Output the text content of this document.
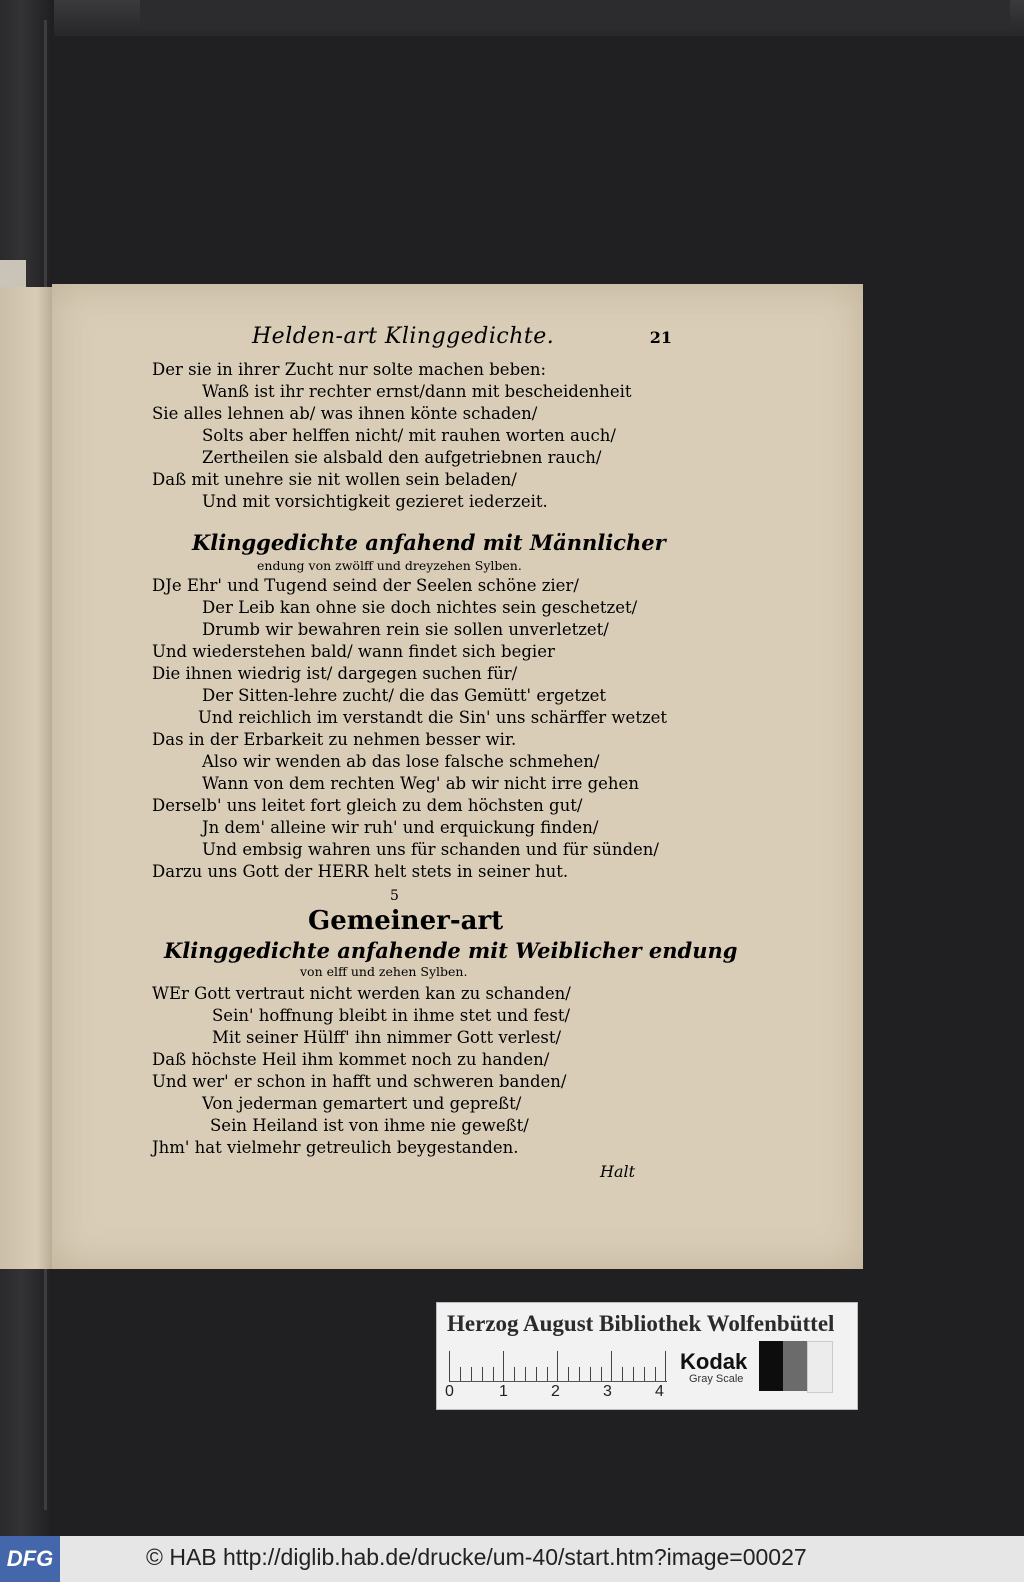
Helden-art Klinggedichte.	21
Der sie in ihrer Zucht nur solte machen beben:
Wanß ist ihr rechter ernst/dann mit bescheidenheit
Sie alles lehnen ab/ was ihnen könte schaden/
Solts aber helffen nicht/ mit rauhen worten auch/
Zertheilen sie alsbald den aufgetriebnen rauch/
Daß mit unehre sie nit wollen sein beladen/
Und mit vorsichtigkeit gezieret iederzeit.
Klinggedichte anfahend mit Männlicher
endung von zwölff und dreyzehen Sylben.
DJe Ehr' und Tugend seind der Seelen schöne zier/
Der Leib kan ohne sie doch nichtes sein geschetzet/
Drumb wir bewahren rein sie sollen unverletzet/
Und wiederstehen bald/ wann findet sich begier
Die ihnen wiedrig ist/ dargegen suchen für/
Der Sitten-lehre zucht/ die das Gemütt' ergetzet
Und reichlich im verstandt die Sin' uns schärffer wetzet
Das in der Erbarkeit zu nehmen besser wir.
Also wir wenden ab das lose falsche schmehen/
Wann von dem rechten Weg' ab wir nicht irre gehen
Derselb' uns leitet fort gleich zu dem höchsten gut/
Jn dem' alleine wir ruh' und erquickung finden/
Und embsig wahren uns für schanden und für sünden/
Darzu uns Gott der HERR helt stets in seiner hut.
5
Gemeiner-art
Klinggedichte anfahende mit Weiblicher endung
von elff und zehen Sylben.
WEr Gott vertraut nicht werden kan zu schanden/
Sein' hoffnung bleibt in ihme stet und fest/
Mit seiner Hülff' ihn nimmer Gott verlest/
Daß höchste Heil ihm kommet noch zu handen/
Und wer' er schon in hafft und schweren banden/
Von jederman gemartert und gepreßt/
Sein Heiland ist von ihme nie geweßt/
Jhm' hat vielmehr getreulich beygestanden.
Halt
Herzog August Bibliothek Wolfenbüttel
0	1	2	3	4
Kodak
Gray Scale
DFG	© HAB http://diglib.hab.de/drucke/um-40/start.htm?image=00027
